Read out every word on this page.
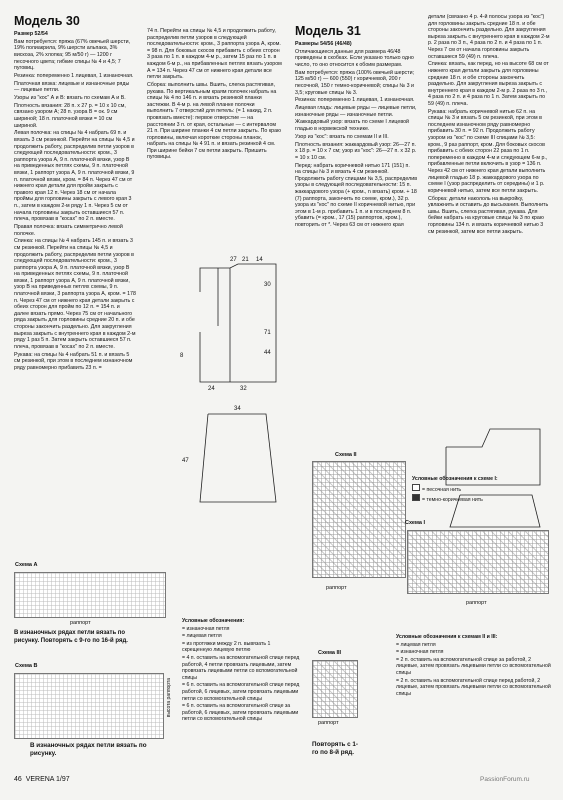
Модель 30

Размер 52/54

Вам потребуется: пряжа (67% овечьей шерсти, 19% полиакрила, 9% шерсти альпака, 3% вискоза, 2% хлопка; 95 м/50 г) — 1200 г песочного цвета; гибкие спицы № 4 и 4,5; 7 пуговиц.

Резинка: попеременно 1 лицевая, 1 изнаночная.

Платочная вязка: лицевые и изнаночные ряды — лицевые петли.

Узоры из "кос" А и В: вязать по схемам А и В.

Плотность вязания: 28 п. х 27 р. = 10 х 10 см, связано узором А; 28 п. узора В = ок. 9 см шириной; 18 п. платочной вязки = 10 см шириной.

Левая полочка: на спицы № 4 набрать 69 п. и вязать 3 см резинкой. Перейти на спицы № 4,5 и продолжить работу, распределив петли узоров в следующей последовательности: кром., 3 раппорта узора А, 9 п. платочной вязки, узор В на приведенных петлях схемы, 9 п. платочной вязки, 1 раппорт узора А, 9 п. платочной вязки, 9 п. платочной вязки, кром. = 84 п. Через 47 см от нижнего края детали для пройм закрыть с правого края 12 п. Через 18 см от начала проймы для горловины закрыть с левого края 3 п., затем в каждом 2-м ряду 1 п. Через 5 см от начала горловины закрыть оставшиеся 57 п. плеча, провязав в "косах" по 2 п. вместе.

Правая полочка: вязать симметрично левой полочке.

Спинка: на спицы № 4 набрать 145 п. и вязать 3 см резинкой. Перейти на спицы № 4,5 и продолжить работу, распределив петли узоров в следующей последовательности: кром., 3 раппорта узора А, 9 п. платочной вязки, узор В на приведенных петлях схемы, 9 п. платочной вязки, 1 раппорт узора А, 9 п. платочной вязки, узор В на приведенных петлях схемы, 9 п. платочной вязки, 3 раппорта узора А, кром. = 178 п. Через 47 см от нижнего края детали закрыть с обеих сторон для пройм по 12 п. = 154 п. и далее вязать прямо. Через 75 см от начального ряда закрыть для горловины средние 20 п. и обе стороны закончить раздельно. Для закругления выреза закрыть с внутреннего края в каждом 2-м ряду 1 раз 5 п. Затем закрыть оставшиеся 57 п. плеча, провязав в "косах" по 2 п. вместе.

Рукава: на спицы № 4 набрать 51 п. и вязать 5 см резинкой, при этом в последнем изнаночном ряду равномерно прибавить 23 п. =

74 п. Перейти на спицы № 4,5 и продолжить работу, распределив петли узоров в следующей последовательности: кром., 3 раппорта узора А, кром. = 98 п. Для боковых скосов прибавить с обеих сторон 3 раза по 1 п. в каждом 4-м р., затем 15 раз по 1 п. в каждом 6-м р., на прибавленных петлях вязать узором А = 134 п. Через 47 см от нижнего края детали все петли закрыть.

Сборка: выполнить швы. Вшить, слегка растягивая, рукава. По вертикальным краям полочек набрать на спицы № 4 по 146 п. и вязать резинкой планки застежки. В 4-м р. на левой планке полочки выполнить 7 отверстий для петель: (= 1 накид, 2 п. провязать вместе): первое отверстие — на расстоянии 3 п. от края, остальные — с интервалом 21 п. При ширине планки 4 см петли закрыть. По краю горловины, включая короткие стороны планок, набрать на спицы № 4 91 п. и вязать резинкой 4 см. При ширине бейки 7 см петли закрыть. Пришить пуговицы.

27 21 14
30
71
44
24	32
47
34
8
Схема А
раппорт
В изнаночных рядах петли вязать по рисунку. Повторять с 9-го по 16-й ряд.
Схема В
высота раппорта
В изнаночных рядах петли вязать по рисунку.

Условные обозначения:

= изнаночная петля

= лицевая петля

= из протяжки между 2 п. вывязать 1 скрещенную лицевую петлю

= 4 п. оставить на вспомогательной спице перед работой, 4 петли провязать лицевыми, затем провязать лицевыми петли со вспомогательной спицы

= 6 п. оставить на вспомогательной спице перед работой, 6 лицевых, затем провязать лицевыми петли со вспомогательной спицы

= 6 п. оставить на вспомогательной спице за работой, 6 лицевых, затем провязать лицевыми петли со вспомогательной спицы

Модель 31

Размеры 54/56 (46/48)

Отличающиеся данные для размера 46/48 приведены в скобках. Если указано только одно число, то оно относится к обоим размерам.

Вам потребуется: пряжа (100% овечьей шерсти; 125 м/50 г) — 600 (550) г коричневой, 200 г песочной, 150 г темно-коричневой; спицы № 3 и 3,5; круговые спицы № 3.

Резинка: попеременно 1 лицевая, 1 изнаночная.

Лицевая гладь: лицевые ряды — лицевые петли, изнаночные ряды — изнаночные петли.

Жаккардовый узор: вязать по схеме I лицевой гладью в норвежской технике.

Узор из "кос": вязать по схемам II и III.

Плотность вязания: жаккардовый узор: 26—27 п. х 18 р. = 10 х 7 см; узор из "кос": 26—27 п. х 32 р. = 10 х 10 см.

Перед: набрать коричневой нитью 171 (151) п. на спицы № 3 и вязать 4 см резинкой. Продолжить работу спицами № 3,5, распределив узоры в следующей последовательности: 15 п. жаккардового узора (+ кром., n вязать) кром. + 18 (7) раппорта, закончить по схеме, кром.), 32 р. узора из "кос" по схеме II коричневой нитью, при этом в 1-м р. прибавить 1 п. и в последнем 8 п. убавить (= кром., 17 (15) раппортов, кром.), повторить от *. Через 63 см от нижнего края

детали (связано 4 р. 4-й полосы узора из "кос") для горловины закрыть средние 18 п. и обе стороны закончить раздельно. Для закругления выреза закрыть с внутреннего края в каждом 2-м р. 2 раза по 3 п., 4 раза по 2 п. и 4 раза по 1 п. Через 7 см от начала горловины закрыть оставшиеся 59 (49) п. плеча.

Спинка: вязать, как перед, но на высоте 68 см от нижнего края детали закрыть для горловины средние 18 п. и обе стороны закончить раздельно. Для закругления выреза закрыть с внутреннего края в каждом 2-м р. 2 раза по 3 п., 4 раза по 2 п. и 4 раза по 1 п. Затем закрыть по 59 (49) п. плеча.

Рукава: набрать коричневой нитью 62 п. на спицы № 3 и вязать 5 см резинкой, при этом в последнем изнаночном ряду равномерно прибавить 30 п. = 92 п. Продолжить работу узором из "кос" по схеме III спицами № 3,5: кром., 9 раз раппорт, кром. Для боковых скосов прибавить с обеих сторон 22 раза по 1 п. попеременно в каждом 4-м и следующем 6-м р., прибавленные петли включить в узор = 136 п. Через 42 см от нижнего края детали выполнить лицевой гладью 18 р. жаккардового узора по схеме I (узор распределить от середины) и 1 р. коричневой нитью, затем все петли закрыть.

Сборка: детали накололь на выкройку, увлажнить и оставить до высыхания. Выполнить швы. Вшить, слегка растягивая, рукава. Для бейки набрать на круговые спицы № 3 по краю горловины 134 п. и вязать коричневой нитью 3 см резинкой, затем все петли закрыть.

Схема II
раппорт
Схема III
раппорт
Повторять с 1-го по 8-й ряд.
Схема I
раппорт

Условные обозначения к схеме I:

= песочная нить

= темно-коричневая нить

Условные обозначения к схемам II и III:

= лицевая петля

= изнаночная петля

= 2 п. оставить на вспомогательной спице за работой, 2 лицевые, затем провязать лицевыми петли со вспомогательной спицы

= 2 п. оставить на вспомогательной спице перед работой, 2 лицевые, затем провязать лицевыми петли со вспомогательной спицы

46 VERENA 1/97	PassionForum.ru
